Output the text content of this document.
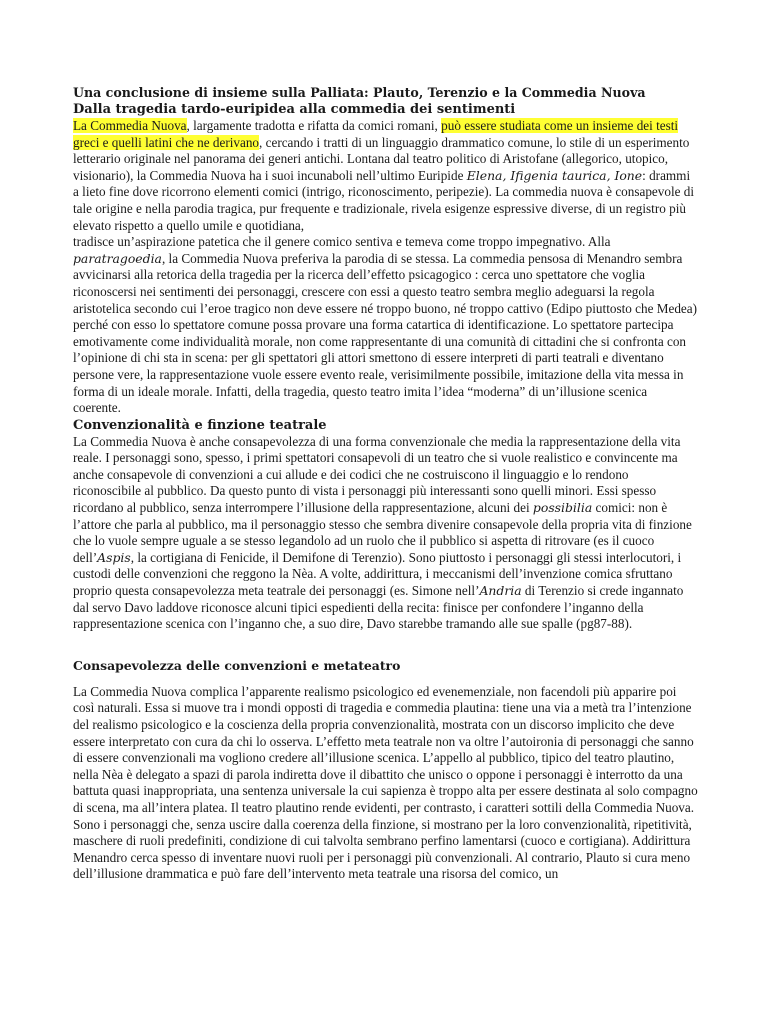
Una conclusione di insieme sulla Palliata: Plauto, Terenzio e la Commedia Nuova

Dalla tragedia tardo-euripidea alla commedia dei sentimenti

La Commedia Nuova, largamente tradotta e rifatta da comici romani, può essere studiata come un insieme dei testi greci e quelli latini che ne derivano, cercando i tratti di un linguaggio drammatico comune, lo stile di un esperimento letterario originale nel panorama dei generi antichi. Lontana dal teatro politico di Aristofane (allegorico, utopico, visionario), la Commedia Nuova ha i suoi incunaboli nell’ultimo Euripide Elena, Ifigenia taurica, Ione: drammi a lieto fine dove ricorrono elementi comici (intrigo, riconoscimento, peripezie). La commedia nuova è consapevole di tale origine e nella parodia tragica, pur frequente e tradizionale, rivela esigenze espressive diverse, di un registro più elevato rispetto a quello umile e quotidiana,

tradisce un’aspirazione patetica che il genere comico sentiva e temeva come troppo impegnativo. Alla paratragoedia, la Commedia Nuova preferiva la parodia di se stessa. La commedia pensosa di Menandro sembra avvicinarsi alla retorica della tragedia per la ricerca dell’effetto psicagogico : cerca uno spettatore che voglia riconoscersi nei sentimenti dei personaggi, crescere con essi a questo teatro sembra meglio adeguarsi la regola aristotelica secondo cui l’eroe tragico non deve essere né troppo buono, né troppo cattivo (Edipo piuttosto che Medea) perché con esso lo spettatore comune possa provare una forma catartica di identificazione. Lo spettatore partecipa emotivamente come individualità morale, non come rappresentante di una comunità di cittadini che si confronta con l’opinione di chi sta in scena: per gli spettatori gli attori smettono di essere interpreti di parti teatrali e diventano persone vere, la rappresentazione vuole essere evento reale, verisimilmente possibile, imitazione della vita messa in forma di un ideale morale. Infatti, della tragedia, questo teatro imita l’idea “moderna” di un’illusione scenica coerente.

Convenzionalità e finzione teatrale

La Commedia Nuova è anche consapevolezza di una forma convenzionale che media la rappresentazione della vita reale. I personaggi sono, spesso, i primi spettatori consapevoli di un teatro che si vuole realistico e convincente ma anche consapevole di convenzioni a cui allude e dei codici che ne costruiscono il linguaggio e lo rendono riconoscibile al pubblico. Da questo punto di vista i personaggi più interessanti sono quelli minori. Essi spesso ricordano al pubblico, senza interrompere l’illusione della rappresentazione, alcuni dei possibilia comici: non è l’attore che parla al pubblico, ma il personaggio stesso che sembra divenire consapevole della propria vita di finzione che lo vuole sempre uguale a se stesso legandolo ad un ruolo che il pubblico si aspetta di ritrovare (es il cuoco dell’Aspis, la cortigiana di Fenicide, il Demifone di Terenzio). Sono piuttosto i personaggi gli stessi interlocutori, i custodi delle convenzioni che reggono la Nèa. A volte, addirittura, i meccanismi dell’invenzione comica sfruttano proprio questa consapevolezza meta teatrale dei personaggi (es. Simone nell’Andria di Terenzio si crede ingannato dal servo Davo laddove riconosce alcuni tipici espedienti della recita: finisce per confondere l’inganno della rappresentazione scenica con l’inganno che, a suo dire, Davo starebbe tramando alle sue spalle (pg87-88).

Consapevolezza delle convenzioni e metateatro

La Commedia Nuova complica l’apparente realismo psicologico ed evenemenziale, non facendoli più apparire poi così naturali. Essa si muove tra i mondi opposti di tragedia e commedia plautina: tiene una via a metà tra l’intenzione del realismo psicologico e la coscienza della propria convenzionalità, mostrata con un discorso implicito che deve essere interpretato con cura da chi lo osserva. L’effetto meta teatrale non va oltre l’autoironia di personaggi che sanno di essere convenzionali ma vogliono credere all’illusione scenica. L’appello al pubblico, tipico del teatro plautino, nella Nèa è delegato a spazi di parola indiretta dove il dibattito che unisco o oppone i personaggi è interrotto da una battuta quasi inappropriata, una sentenza universale la cui sapienza è troppo alta per essere destinata al solo compagno di scena, ma all’intera platea. Il teatro plautino rende evidenti, per contrasto, i caratteri sottili della Commedia Nuova. Sono i personaggi che, senza uscire dalla coerenza della finzione, si mostrano per la loro convenzionalità, ripetitività, maschere di ruoli predefiniti, condizione di cui talvolta sembrano perfino lamentarsi (cuoco e cortigiana). Addirittura Menandro cerca spesso di inventare nuovi ruoli per i personaggi più convenzionali. Al contrario, Plauto si cura meno dell’illusione drammatica e può fare dell’intervento meta teatrale una risorsa del comico, un
